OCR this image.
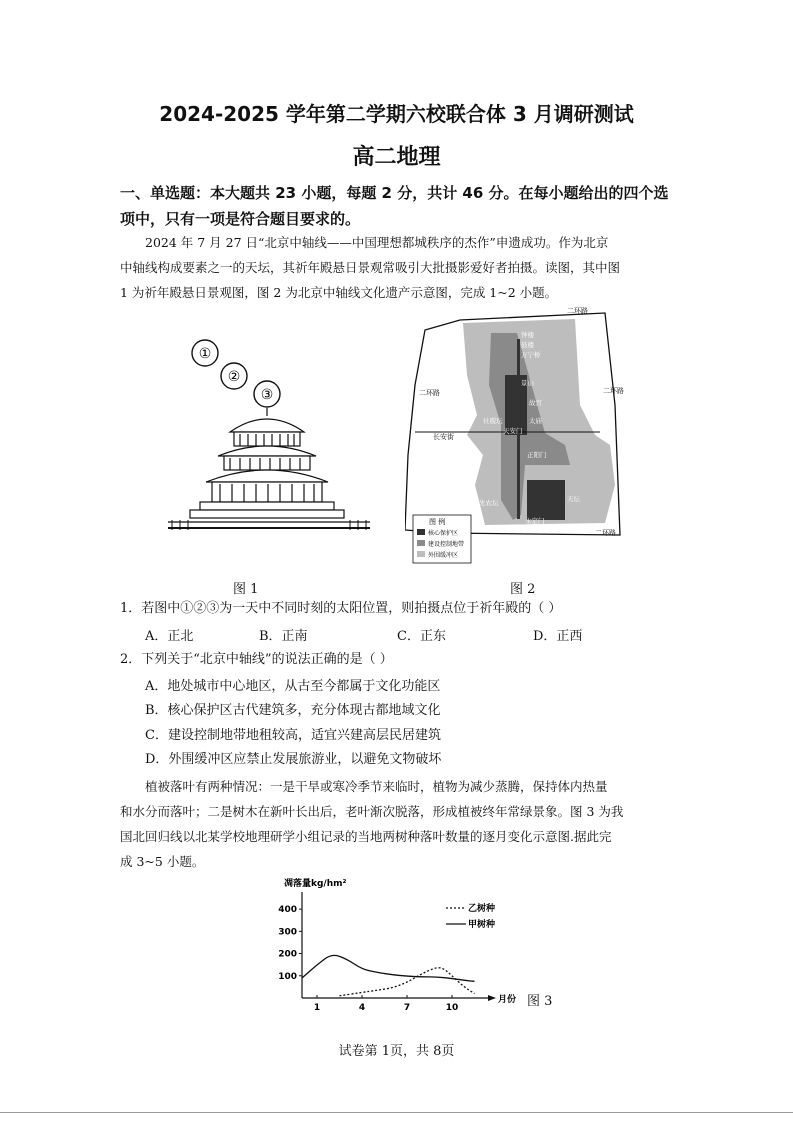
2024-2025 学年第二学期六校联合体 3 月调研测试
高二地理
一、单选题：本大题共 23 小题，每题 2 分，共计 46 分。在每小题给出的四个选
项中，只有一项是符合题目要求的。
2024 年 7 月 27 日“北京中轴线——中国理想都城秩序的杰作”申遗成功。作为北京
中轴线构成要素之一的天坛，其祈年殿悬日景观常吸引大批摄影爱好者拍摄。读图，其中图
1 为祈年殿悬日景观图，图 2 为北京中轴线文化遗产示意图，完成 1~2 小题。
①
②
③
图 1
二环路
二环路	二环路
二环路
长安街
钟楼
鼓楼
万宁桥
景山
故宫
社稷坛	太庙
天安门
正阳门
天坛
先农坛
永定门
图 例
核心保护区
建设控制地带
外围缓冲区
图 2
1．若图中①②③为一天中不同时刻的太阳位置，则拍摄点位于祈年殿的（ ）
A．正北	B．正南	C．正东	D．正西
2．下列关于“北京中轴线”的说法正确的是（ ）
A．地处城市中心地区，从古至今都属于文化功能区
B．核心保护区古代建筑多，充分体现古都地域文化
C．建设控制地带地租较高，适宜兴建高层民居建筑
D．外围缓冲区应禁止发展旅游业，以避免文物破坏
植被落叶有两种情况：一是干旱或寒冷季节来临时，植物为减少蒸腾，保持体内热量
和水分而落叶；二是树木在新叶长出后，老叶渐次脱落，形成植被终年常绿景象。图 3 为我
国北回归线以北某学校地理研学小组记录的当地两树种落叶数量的逐月变化示意图.据此完
成 3~5 小题。
凋落量kg/hm²
月份
100
200
300
400
1	4	7	10
乙树种
甲树种
图 3
试卷第 1页，共 8页
